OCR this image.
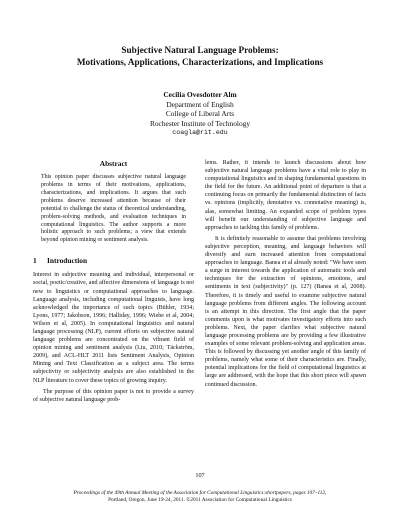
Subjective Natural Language Problems:
Motivations, Applications, Characterizations, and Implications
Cecilia Ovesdotter Alm
Department of English
College of Liberal Arts
Rochester Institute of Technology
coagla@rit.edu
Abstract
This opinion paper discusses subjective natural language problems in terms of their motivations, applications, characterizations, and implications. It argues that such problems deserve increased attention because of their potential to challenge the status of theoretical understanding, problem-solving methods, and evaluation techniques in computational linguistics. The author supports a more holistic approach to such problems; a view that extends beyond opinion mining or sentiment analysis.
1 Introduction

Interest in subjective meaning and individual, interpersonal or social, poetic/creative, and affective dimensions of language is not new to linguistics or computational approaches to language. Language analysis, including computational linguists, have long acknowledged the importance of such topics (Bühler, 1934; Lyons, 1977; Jakobson, 1996; Halliday, 1996; Wiebe et al, 2004; Wilson et al, 2005). In computational linguistics and natural language processing (NLP), current efforts on subjective natural language problems are concentrated on the vibrant field of opinion mining and sentiment analysis (Liu, 2010; Täckström, 2009), and ACL-HLT 2011 lists Sentiment Analysis, Opinion Mining and Text Classification as a subject area. The terms subjectivity or subjectivity analysis are also established in the NLP literature to cover these topics of growing inquiry.

The purpose of this opinion paper is not to provide a survey of subjective natural language prob-

lems. Rather, it intends to launch discussions about how subjective natural language problems have a vital role to play in computational linguistics and in shaping fundamental questions in the field for the future. An additional point of departure is that a continuing focus on primarily the fundamental distinction of facts vs. opinions (implicitly, denotative vs. connotative meaning) is, alas, somewhat limiting. An expanded scope of problem types will benefit our understanding of subjective language and approaches to tackling this family of problems.

It is definitely reasonable to assume that problems involving subjective perception, meaning, and language behaviors will diversify and earn increased attention from computational approaches to language. Banea et al already noted: "We have seen a surge in interest towards the application of automatic tools and techniques for the extraction of opinions, emotions, and sentiments in text (subjectivity)" (p. 127) (Banea et al, 2008). Therefore, it is timely and useful to examine subjective natural language problems from different angles. The following account is an attempt in this direction. The first angle that the paper comments upon is what motivates investigatory efforts into such problems. Next, the paper clarifies what subjective natural language processing problems are by providing a few illustrative examples of some relevant problem-solving and application areas. This is followed by discussing yet another angle of this family of problems, namely what some of their characteristics are. Finally, potential implications for the field of computational linguistics at large are addressed, with the hope that this short piece will spawn continued discussion.

107
Proceedings of the 49th Annual Meeting of the Association for Computational Linguistics:shortpapers, pages 107–112,
Portland, Oregon, June 19-24, 2011. ©2011 Association for Computational Linguistics
